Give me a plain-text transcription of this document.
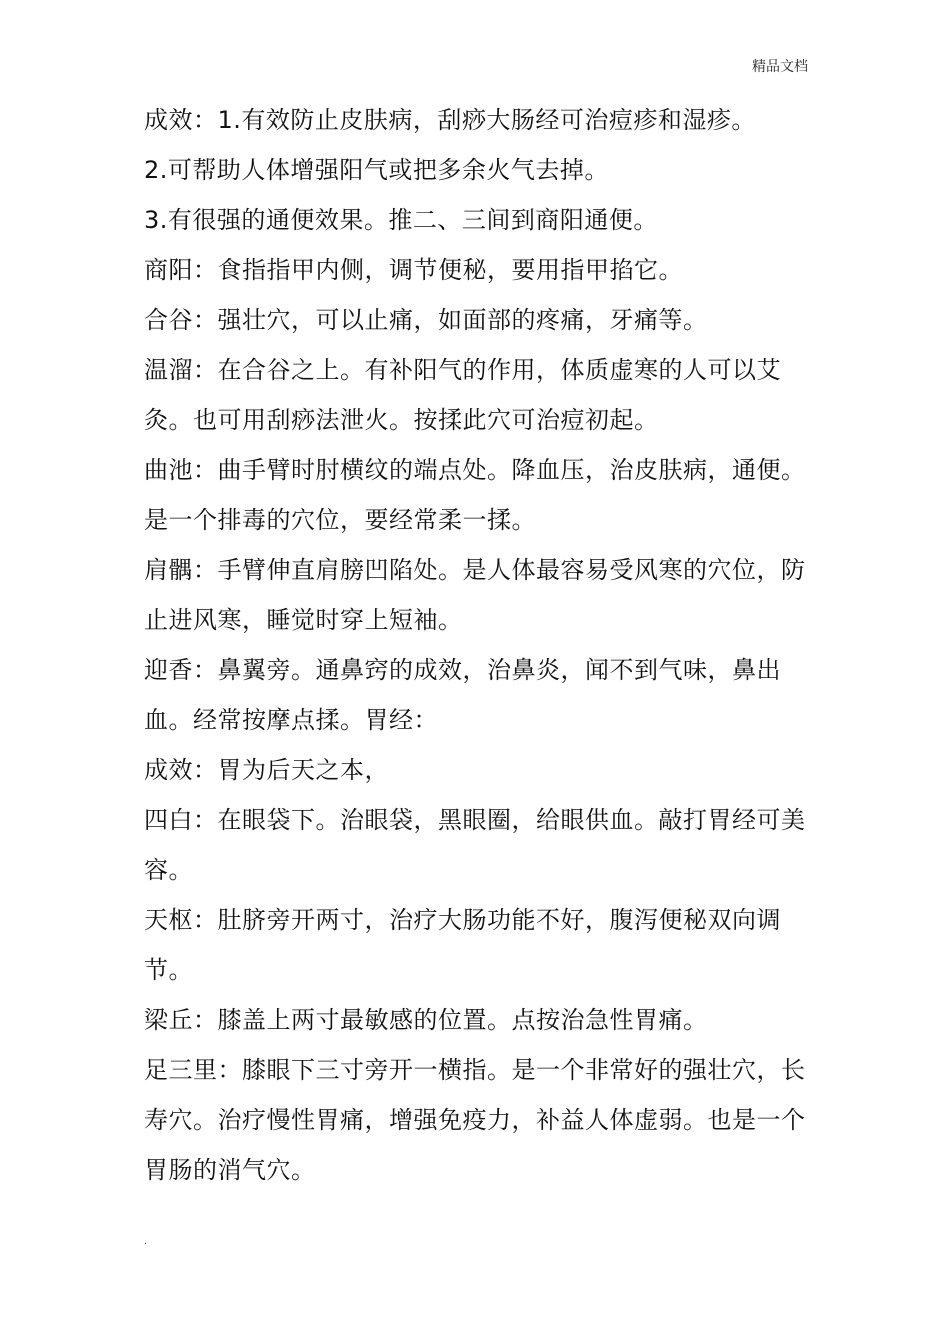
精品文档

成效：1.有效防止皮肤病，刮痧大肠经可治痘疹和湿疹。

2.可帮助人体增强阳气或把多余火气去掉。

3.有很强的通便效果。推二、三间到商阳通便。

商阳：食指指甲内侧，调节便秘，要用指甲掐它。

合谷：强壮穴，可以止痛，如面部的疼痛，牙痛等。

温溜：在合谷之上。有补阳气的作用，体质虚寒的人可以艾灸。也可用刮痧法泄火。按揉此穴可治痘初起。

曲池：曲手臂时肘横纹的端点处。降血压，治皮肤病，通便。是一个排毒的穴位，要经常柔一揉。

肩髃：手臂伸直肩膀凹陷处。是人体最容易受风寒的穴位，防止进风寒，睡觉时穿上短袖。

迎香：鼻翼旁。通鼻窍的成效，治鼻炎，闻不到气味，鼻出血。经常按摩点揉。胃经：

成效：胃为后天之本，

四白：在眼袋下。治眼袋，黑眼圈，给眼供血。敲打胃经可美容。

天枢：肚脐旁开两寸，治疗大肠功能不好，腹泻便秘双向调节。

梁丘：膝盖上两寸最敏感的位置。点按治急性胃痛。

足三里：膝眼下三寸旁开一横指。是一个非常好的强壮穴，长寿穴。治疗慢性胃痛，增强免疫力，补益人体虚弱。也是一个胃肠的消气穴。

.
